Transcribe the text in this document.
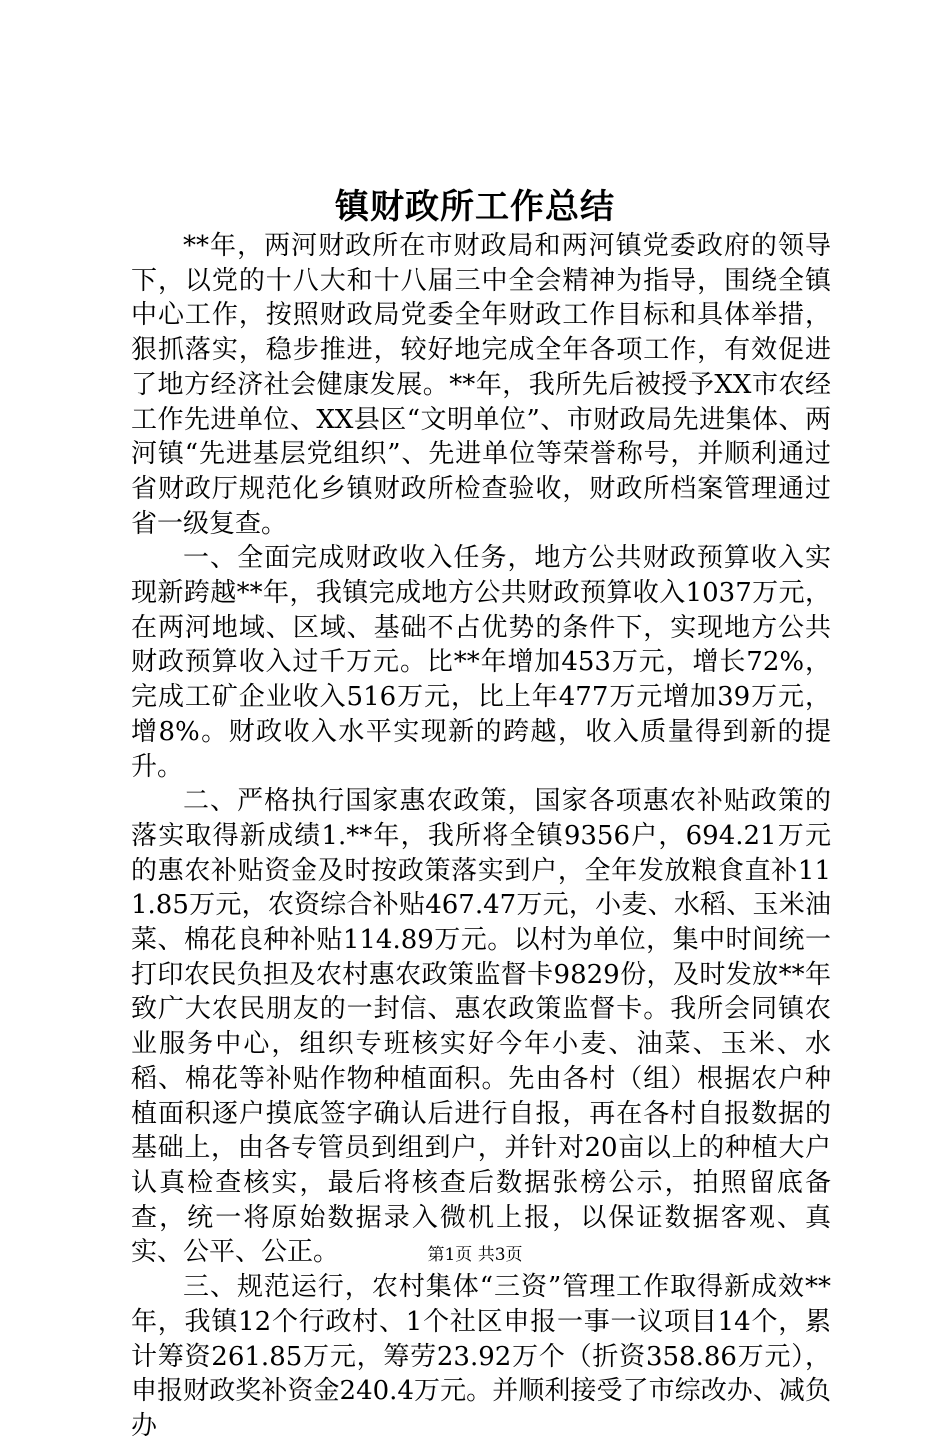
镇财政所工作总结

**年，两河财政所在市财政局和两河镇党委政府的领导下，以党的十八大和十八届三中全会精神为指导，围绕全镇中心工作，按照财政局党委全年财政工作目标和具体举措，狠抓落实，稳步推进，较好地完成全年各项工作，有效促进了地方经济社会健康发展。**年，我所先后被授予XX市农经工作先进单位、XX县区“文明单位”、市财政局先进集体、两河镇“先进基层党组织”、先进单位等荣誉称号，并顺利通过省财政厅规范化乡镇财政所检查验收，财政所档案管理通过省一级复查。

一、全面完成财政收入任务，地方公共财政预算收入实现新跨越**年，我镇完成地方公共财政预算收入1037万元，在两河地域、区域、基础不占优势的条件下，实现地方公共财政预算收入过千万元。比**年增加453万元，增长72%，完成工矿企业收入516万元，比上年477万元增加39万元，增8%。财政收入水平实现新的跨越，收入质量得到新的提升。

二、严格执行国家惠农政策，国家各项惠农补贴政策的落实取得新成绩1.**年，我所将全镇9356户，694.21万元的惠农补贴资金及时按政策落实到户，全年发放粮食直补111.85万元，农资综合补贴467.47万元，小麦、水稻、玉米油菜、棉花良种补贴114.89万元。以村为单位，集中时间统一打印农民负担及农村惠农政策监督卡9829份，及时发放**年致广大农民朋友的一封信、惠农政策监督卡。我所会同镇农业服务中心，组织专班核实好今年小麦、油菜、玉米、水稻、棉花等补贴作物种植面积。先由各村（组）根据农户种植面积逐户摸底签字确认后进行自报，再在各村自报数据的基础上，由各专管员到组到户，并针对20亩以上的种植大户认真检查核实，最后将核查后数据张榜公示，拍照留底备查，统一将原始数据录入微机上报，以保证数据客观、真实、公平、公正。

三、规范运行，农村集体“三资”管理工作取得新成效**年，我镇12个行政村、1个社区申报一事一议项目14个，累计筹资261.85万元，筹劳23.92万个（折资358.86万元），申报财政奖补资金240.4万元。并顺利接受了市综改办、减负办

第1页 共3页
